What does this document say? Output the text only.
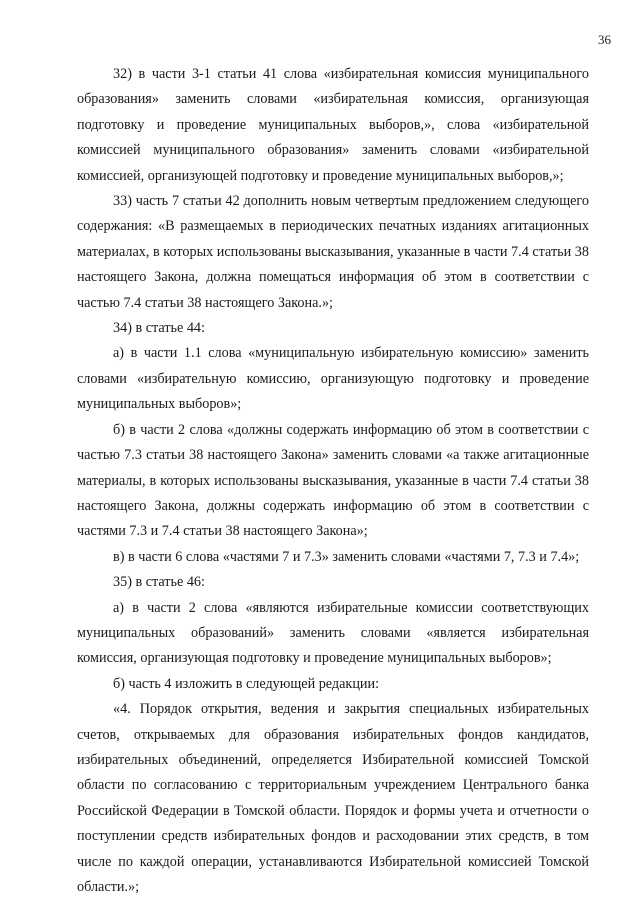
36

32) в части 3-1 статьи 41 слова «избирательная комиссия муниципального образования» заменить словами «избирательная комиссия, организующая подготовку и проведение муниципальных выборов,», слова «избирательной комиссией муниципального образования» заменить словами «избирательной комиссией, организующей подготовку и проведение муниципальных выборов,»;

33) часть 7 статьи 42 дополнить новым четвертым предложением следующего содержания: «В размещаемых в периодических печатных изданиях агитационных материалах, в которых использованы высказывания, указанные в части 7.4 статьи 38 настоящего Закона, должна помещаться информация об этом в соответствии с частью 7.4 статьи 38 настоящего Закона.»;

34) в статье 44:

а) в части 1.1 слова «муниципальную избирательную комиссию» заменить словами «избирательную комиссию, организующую подготовку и проведение муниципальных выборов»;

б) в части 2 слова «должны содержать информацию об этом в соответствии с частью 7.3 статьи 38 настоящего Закона» заменить словами «а также агитационные материалы, в которых использованы высказывания, указанные в части 7.4 статьи 38 настоящего Закона, должны содержать информацию об этом в соответствии с частями 7.3 и 7.4 статьи 38 настоящего Закона»;

в) в части 6 слова «частями 7 и 7.3» заменить словами «частями 7, 7.3 и 7.4»;

35) в статье 46:

а) в части 2 слова «являются избирательные комиссии соответствующих муниципальных образований» заменить словами «является избирательная комиссия, организующая подготовку и проведение муниципальных выборов»;

б) часть 4 изложить в следующей редакции:

«4. Порядок открытия, ведения и закрытия специальных избирательных счетов, открываемых для образования избирательных фондов кандидатов, избирательных объединений, определяется Избирательной комиссией Томской области по согласованию с территориальным учреждением Центрального банка Российской Федерации в Томской области. Порядок и формы учета и отчетности о поступлении средств избирательных фондов и расходовании этих средств, в том числе по каждой операции, устанавливаются Избирательной комиссией Томской области.»;
